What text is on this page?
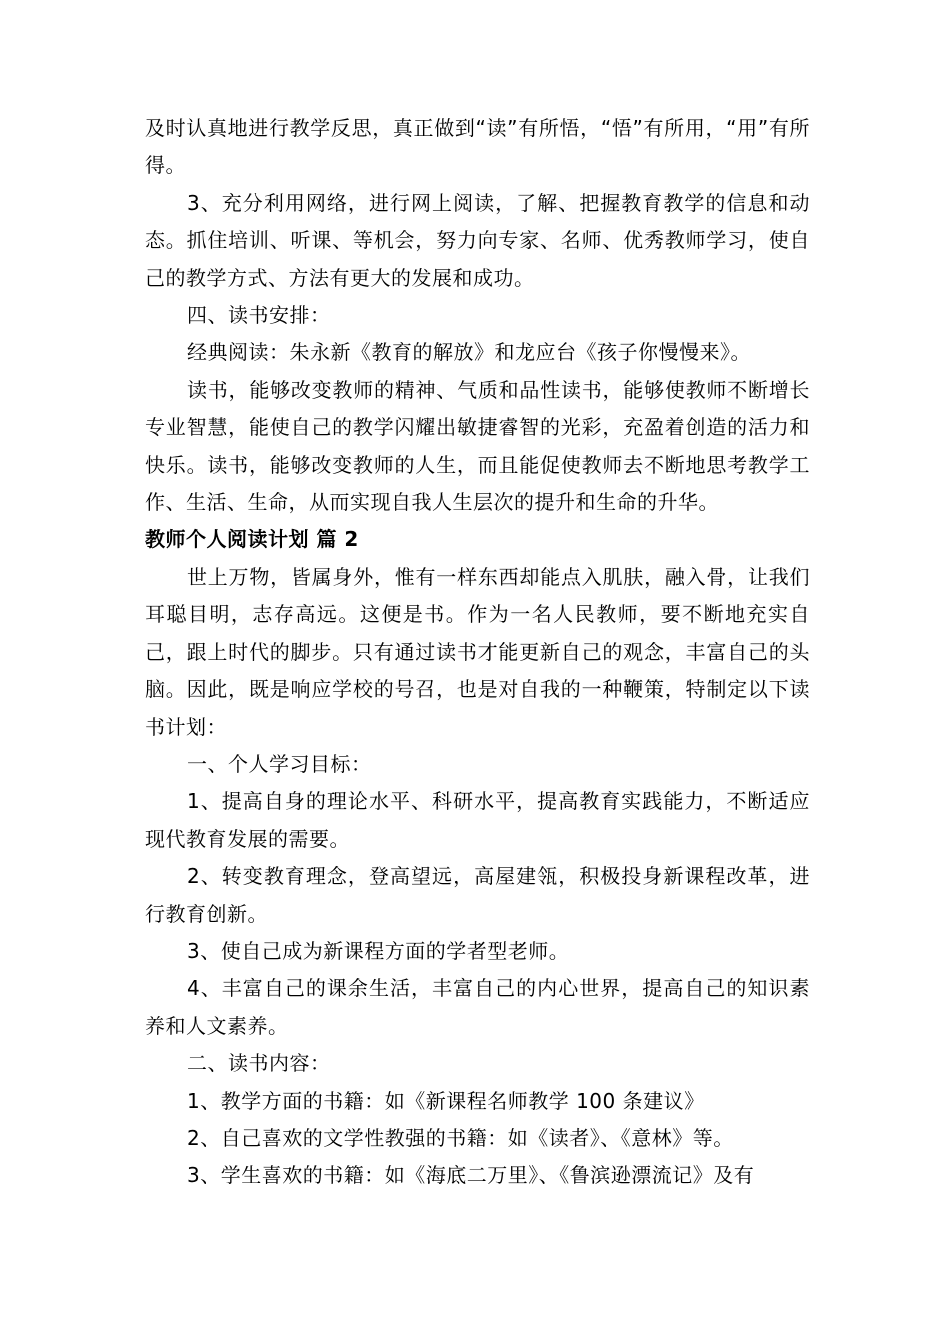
及时认真地进行教学反思，真正做到“读”有所悟，“悟”有所用，“用”有所得。

3、充分利用网络，进行网上阅读，了解、把握教育教学的信息和动态。抓住培训、听课、等机会，努力向专家、名师、优秀教师学习，使自己的教学方式、方法有更大的发展和成功。

四、读书安排：

经典阅读：朱永新《教育的解放》和龙应台《孩子你慢慢来》。

读书，能够改变教师的精神、气质和品性读书，能够使教师不断增长专业智慧，能使自己的教学闪耀出敏捷睿智的光彩，充盈着创造的活力和快乐。读书，能够改变教师的人生，而且能促使教师去不断地思考教学工作、生活、生命，从而实现自我人生层次的提升和生命的升华。

教师个人阅读计划 篇 2

世上万物，皆属身外，惟有一样东西却能点入肌肤，融入骨，让我们耳聪目明，志存高远。这便是书。作为一名人民教师，要不断地充实自己，跟上时代的脚步。只有通过读书才能更新自己的观念，丰富自己的头脑。因此，既是响应学校的号召，也是对自我的一种鞭策，特制定以下读书计划：

一、个人学习目标：

1、提高自身的理论水平、科研水平，提高教育实践能力，不断适应现代教育发展的需要。

2、转变教育理念，登高望远，高屋建瓴，积极投身新课程改革，进行教育创新。

3、使自己成为新课程方面的学者型老师。

4、丰富自己的课余生活，丰富自己的内心世界，提高自己的知识素养和人文素养。

二、读书内容：

1、教学方面的书籍：如《新课程名师教学 100 条建议》

2、自己喜欢的文学性教强的书籍：如《读者》、《意林》等。

3、学生喜欢的书籍：如《海底二万里》、《鲁滨逊漂流记》及有
